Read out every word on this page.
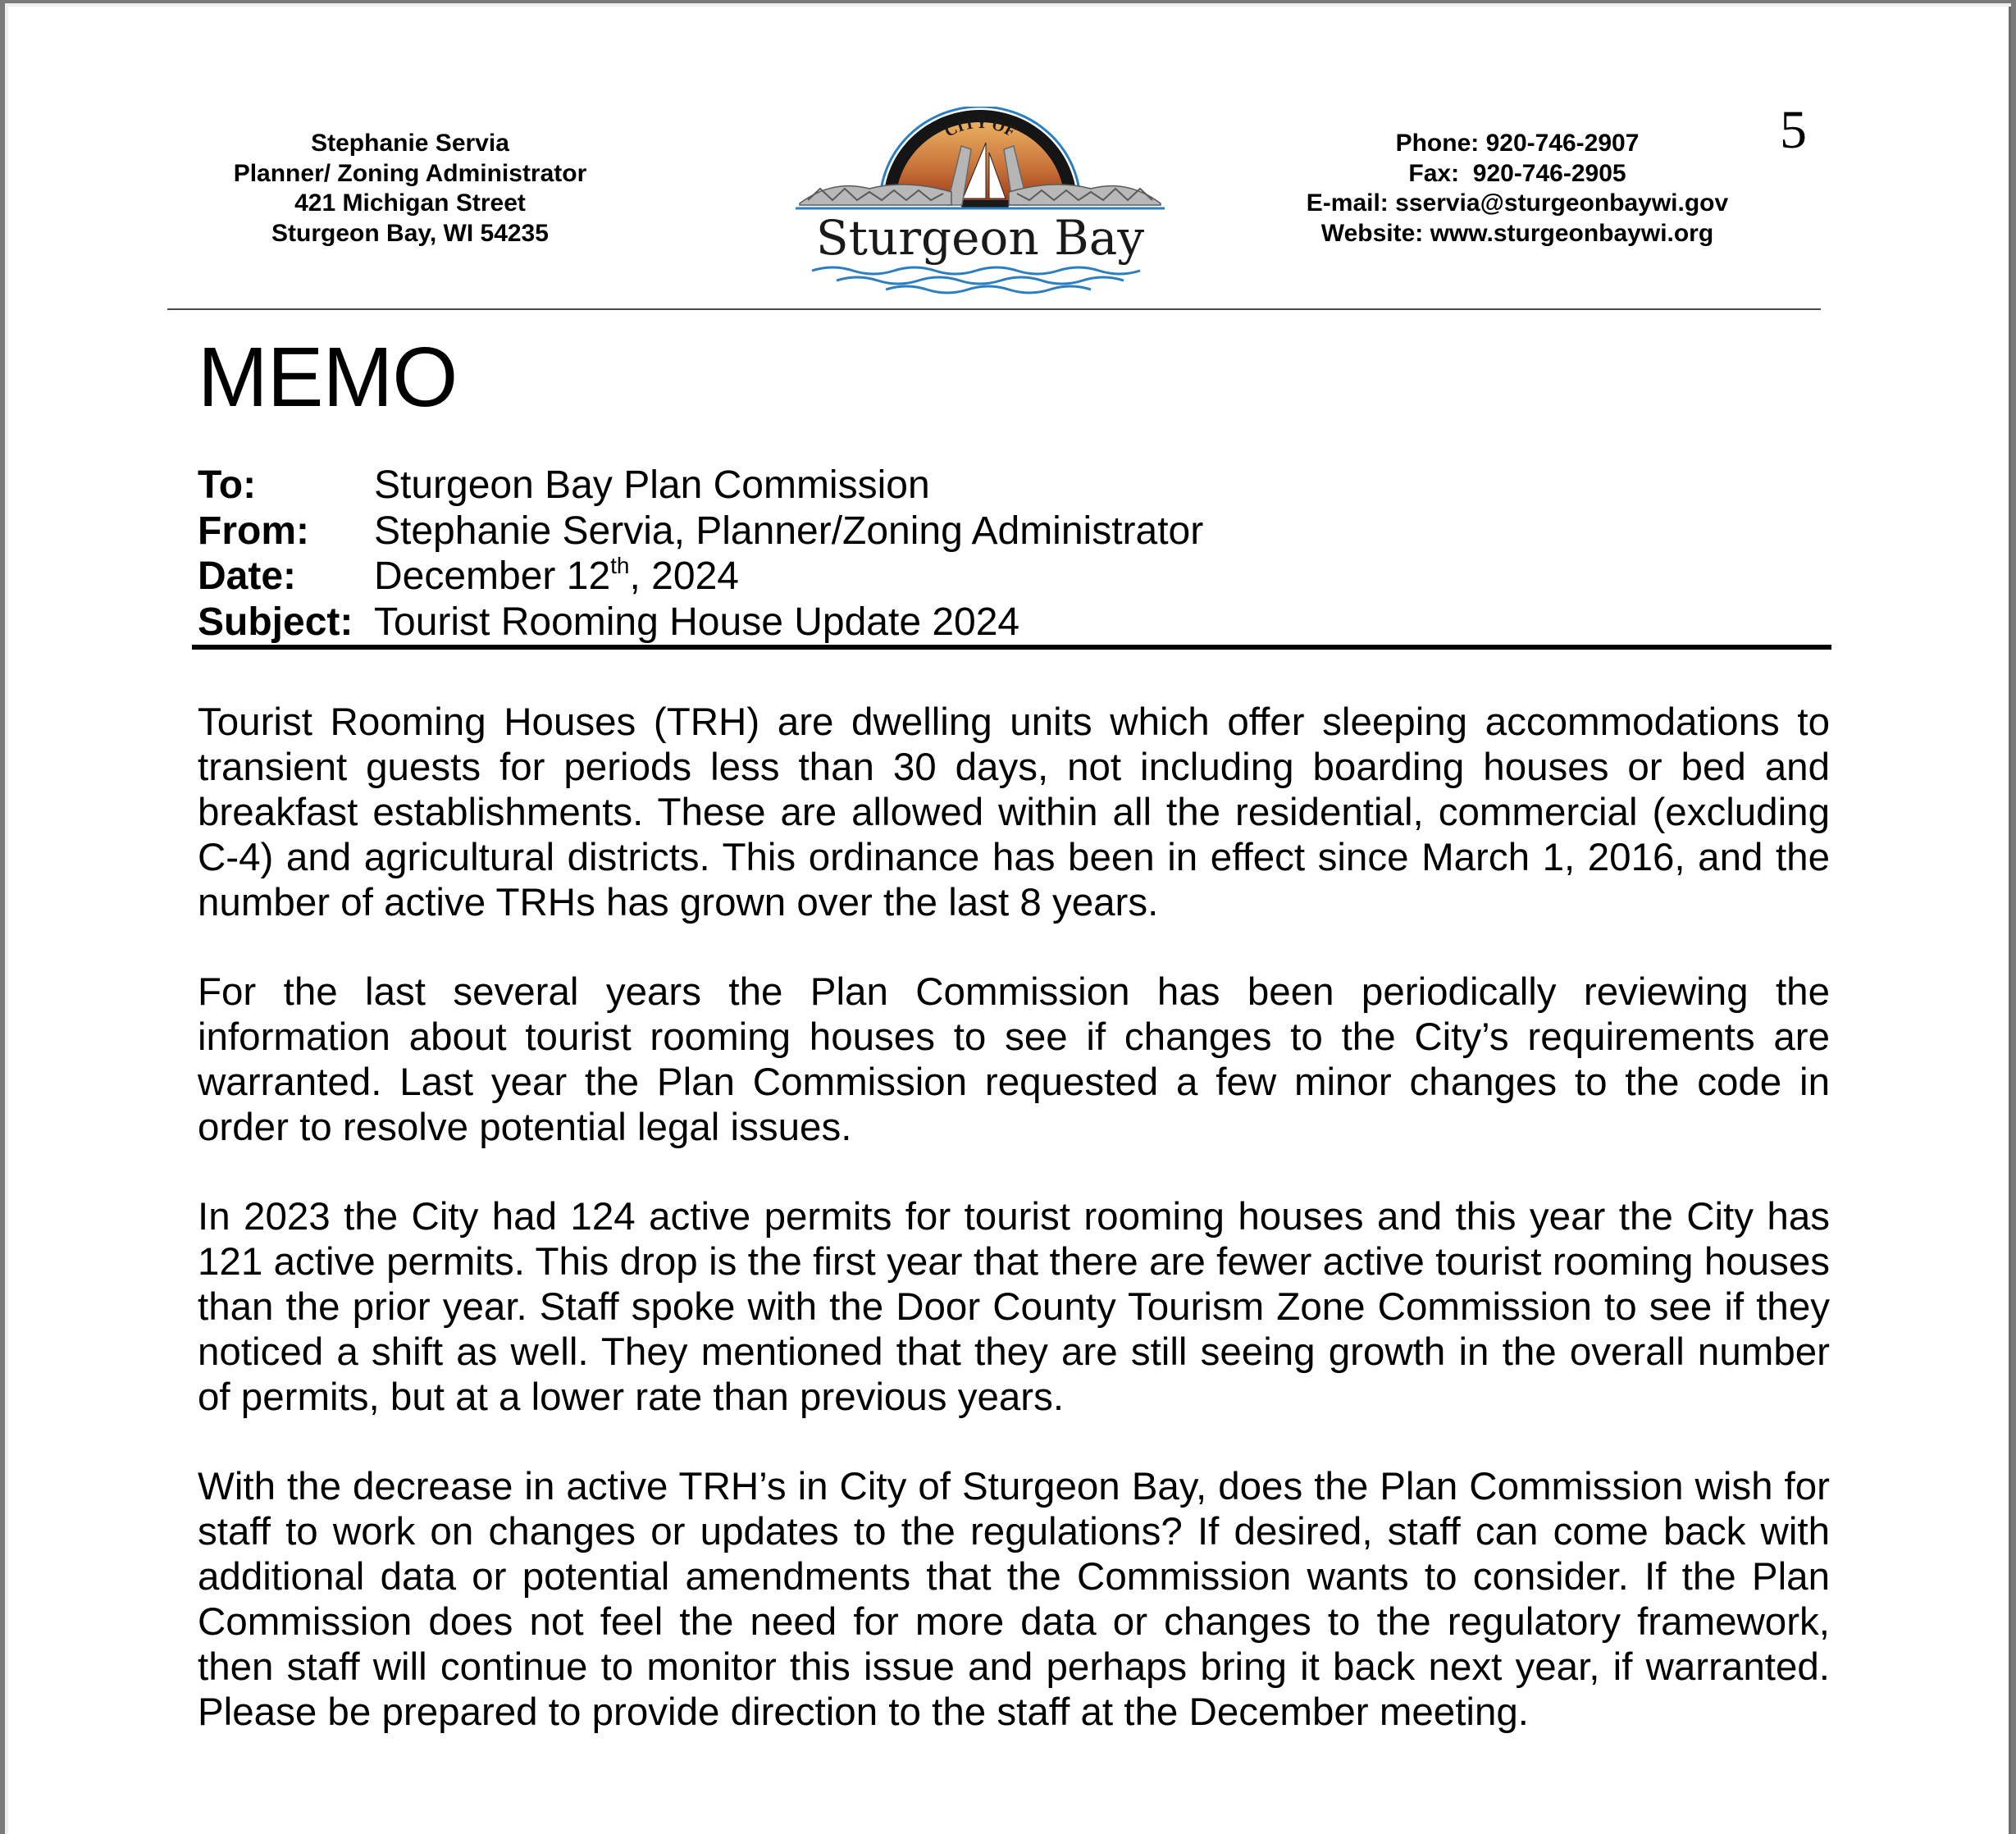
Stephanie Servia
Planner/ Zoning Administrator
421 Michigan Street
Sturgeon Bay, WI 54235
CITY OF
Sturgeon Bay
Phone: 920-746-2907
Fax:  920-746-2905
E-mail: sservia@sturgeonbaywi.gov
Website: www.sturgeonbaywi.org
5
MEMO
To:	Sturgeon Bay Plan Commission
From: Stephanie Servia, Planner/Zoning Administrator
Date: December 12th, 2024
Subject: Tourist Rooming House Update 2024

Tourist Rooming Houses (TRH) are dwelling units which offer sleeping accommodations to transient guests for periods less than 30 days, not including boarding houses or bed and breakfast establishments. These are allowed within all the residential, commercial (excluding C-4) and agricultural districts. This ordinance has been in effect since March 1, 2016, and the number of active TRHs has grown over the last 8 years.

For the last several years the Plan Commission has been periodically reviewing the information about tourist rooming houses to see if changes to the City’s requirements are warranted. Last year the Plan Commission requested a few minor changes to the code in order to resolve potential legal issues.

In 2023 the City had 124 active permits for tourist rooming houses and this year the City has 121 active permits. This drop is the first year that there are fewer active tourist rooming houses than the prior year. Staff spoke with the Door County Tourism Zone Commission to see if they noticed a shift as well. They mentioned that they are still seeing growth in the overall number of permits, but at a lower rate than previous years.

With the decrease in active TRH’s in City of Sturgeon Bay, does the Plan Commission wish for staff to work on changes or updates to the regulations? If desired, staff can come back with additional data or potential amendments that the Commission wants to consider. If the Plan Commission does not feel the need for more data or changes to the regulatory framework, then staff will continue to monitor this issue and perhaps bring it back next year, if warranted. Please be prepared to provide direction to the staff at the December meeting.
